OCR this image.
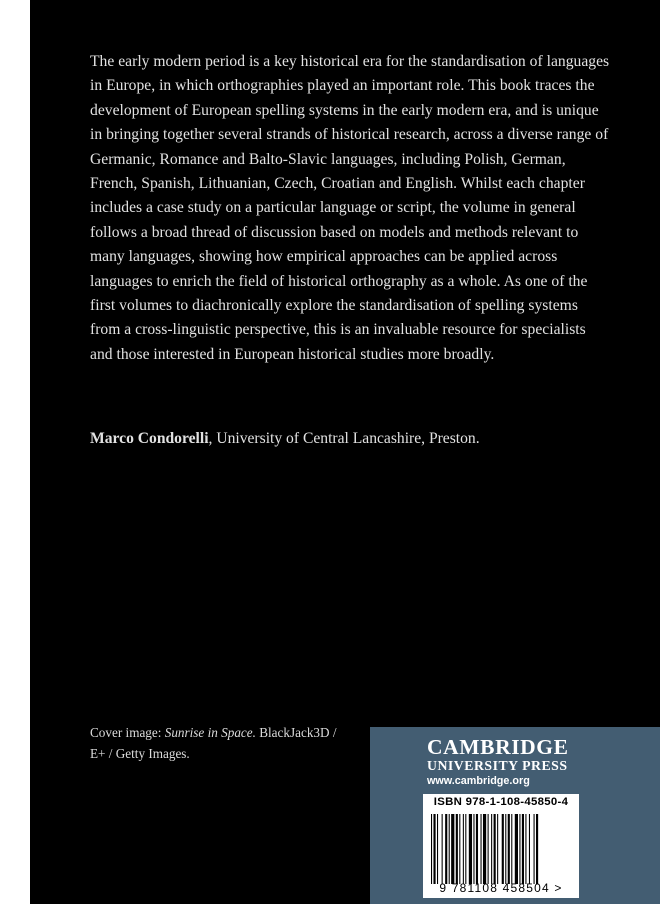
The early modern period is a key historical era for the standardisation of languages in Europe, in which orthographies played an important role. This book traces the development of European spelling systems in the early modern era, and is unique in bringing together several strands of historical research, across a diverse range of Germanic, Romance and Balto-Slavic languages, including Polish, German, French, Spanish, Lithuanian, Czech, Croatian and English. Whilst each chapter includes a case study on a particular language or script, the volume in general follows a broad thread of discussion based on models and methods relevant to many languages, showing how empirical approaches can be applied across languages to enrich the field of historical orthography as a whole. As one of the first volumes to diachronically explore the standardisation of spelling systems from a cross-linguistic perspective, this is an invaluable resource for specialists and those interested in European historical studies more broadly.

Marco Condorelli, University of Central Lancashire, Preston.

Cover image: Sunrise in Space. BlackJack3D / E+ / Getty Images.	CAMBRIDGE
UNIVERSITY PRESS
www.cambridge.org
ISBN 978-1-108-45850-4
9 781108 458504 >
